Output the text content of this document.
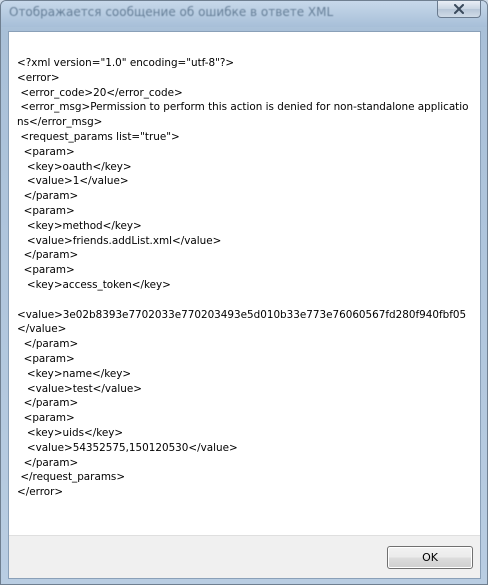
Отображается сообщение об ошибке в ответе XML
<?xml version="1.0" encoding="utf-8"?>
<error>
<error_code>20</error_code>
<error_msg>Permission to perform this action is denied for non-standalone applications</error_msg>
<request_params list="true">
<param>
<key>oauth</key>
<value>1</value>
</param>
<param>
<key>method</key>
<value>friends.addList.xml</value>
</param>
<param>
<key>access_token</key>
<value>3e02b8393e7702033e770203493e5d010b33e773e76060567fd280f940fbf05</value>
</param>
<param>
<key>name</key>
<value>test</value>
</param>
<param>
<key>uids</key>
<value>54352575,150120530</value>
</param>
</request_params>
</error>
OK
